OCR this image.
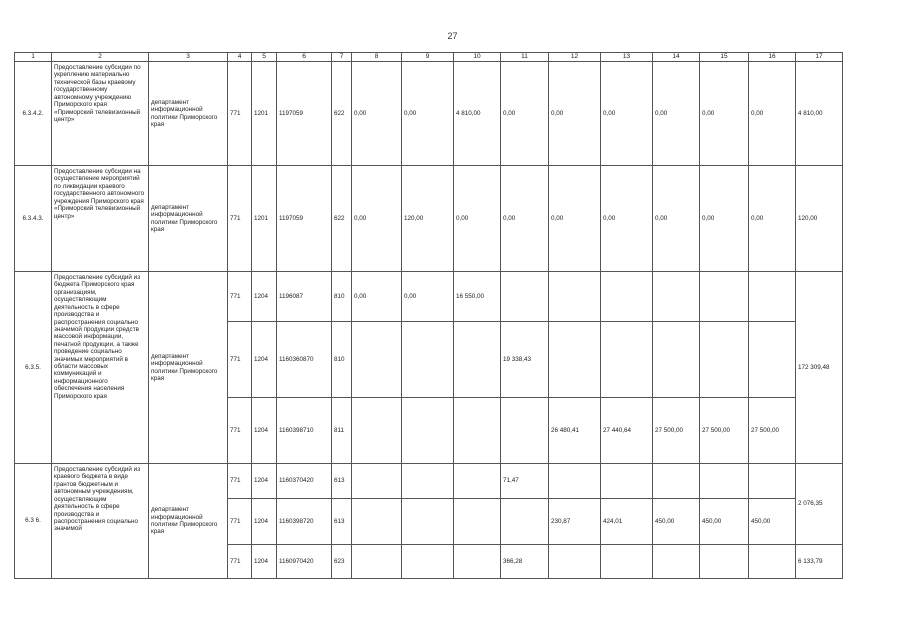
27
1	2	3	4	5	6	7	8	9	10	11	12	13	14	15	16	17
6.3.4.2.	Предоставление субсидии по укреплению материально технической базы краевому государственному автономному учреждению Приморского края «Приморский телевизионный центр»	департамент информационной политики Приморского края	771	1201	1197059	622	0,00	0,00	4 810,00	0,00	0,00	0,00	0,00	0,00	0,00	4 810,00
6.3.4.3.	Предоставление субсидии на осуществление мероприятий по ликвидации краевого государственного автономного учреждения Приморского края «Приморский телевизионный центр»	департамент информационной политики Приморского края	771	1201	1197059	622	0,00	120,00	0,00	0,00	0,00	0,00	0,00	0,00	0,00	120,00
6.3.5.	Предоставление субсидий из бюджета Приморского края организациям, осуществляющим деятельность в сфере производства и распространения социально значимой продукции средств массовой информации, печатной продукции, а также проведение социально значимых мероприятий в области массовых коммуникаций и информационного обеспечения населения Приморского края	департамент информационной политики Приморского края	771	1204	1196087	810	0,00	0,00	16 550,00							172 309,48
			771	1204	1160360870	810				19 338,43						
			771	1204	1160398710	811					26 480,41	27 440,64	27 500,00	27 500,00	27 500,00	
6.3 6.	Предоставление субсидий из краевого бюджета в виде грантов бюджетным и автономным учреждениям, осуществляющим деятельность в сфере производства и распространения социально значимой	департамент информационной политики Приморского края	771	1204	1160370420	613				71,47						2 076,35
			771	1204	1160398720	613					230,87	424,01	450,00	450,00	450,00	
			771	1204	1160970420	623				366,28						6 133,79
